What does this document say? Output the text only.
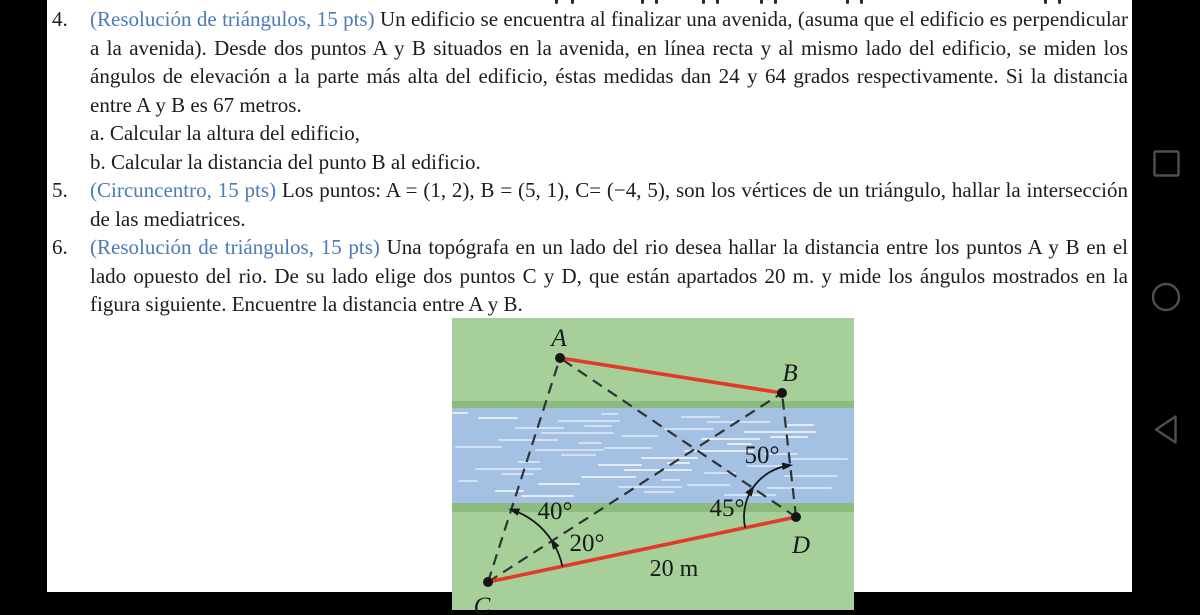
4.	(Resolución de triángulos, 15 pts) Un edificio se encuentra al finalizar una avenida, (asuma que el edificio es perpendicular a la avenida). Desde dos puntos A y B situados en la avenida, en línea recta y al mismo lado del edificio, se miden los ángulos de elevación a la parte más alta del edificio, éstas medidas dan 24 y 64 grados respectivamente. Si la distancia entre A y B es 67 metros.
a. Calcular la altura del edificio,
b. Calcular la distancia del punto B al edificio.
5.	(Circuncentro, 15 pts) Los puntos: A = (1, 2), B = (5, 1), C= (−4, 5), son los vértices de un triángulo, hallar la intersección de las mediatrices.
6.	(Resolución de triángulos, 15 pts) Una topógrafa en un lado del rio desea hallar la distancia entre los puntos A y B en el lado opuesto del rio. De su lado elige dos puntos C y D, que están apartados 20 m. y mide los ángulos mostrados en la figura siguiente. Encuentre la distancia entre A y B.
20°
40°	45°
50°
A
B
C
D
20 m
